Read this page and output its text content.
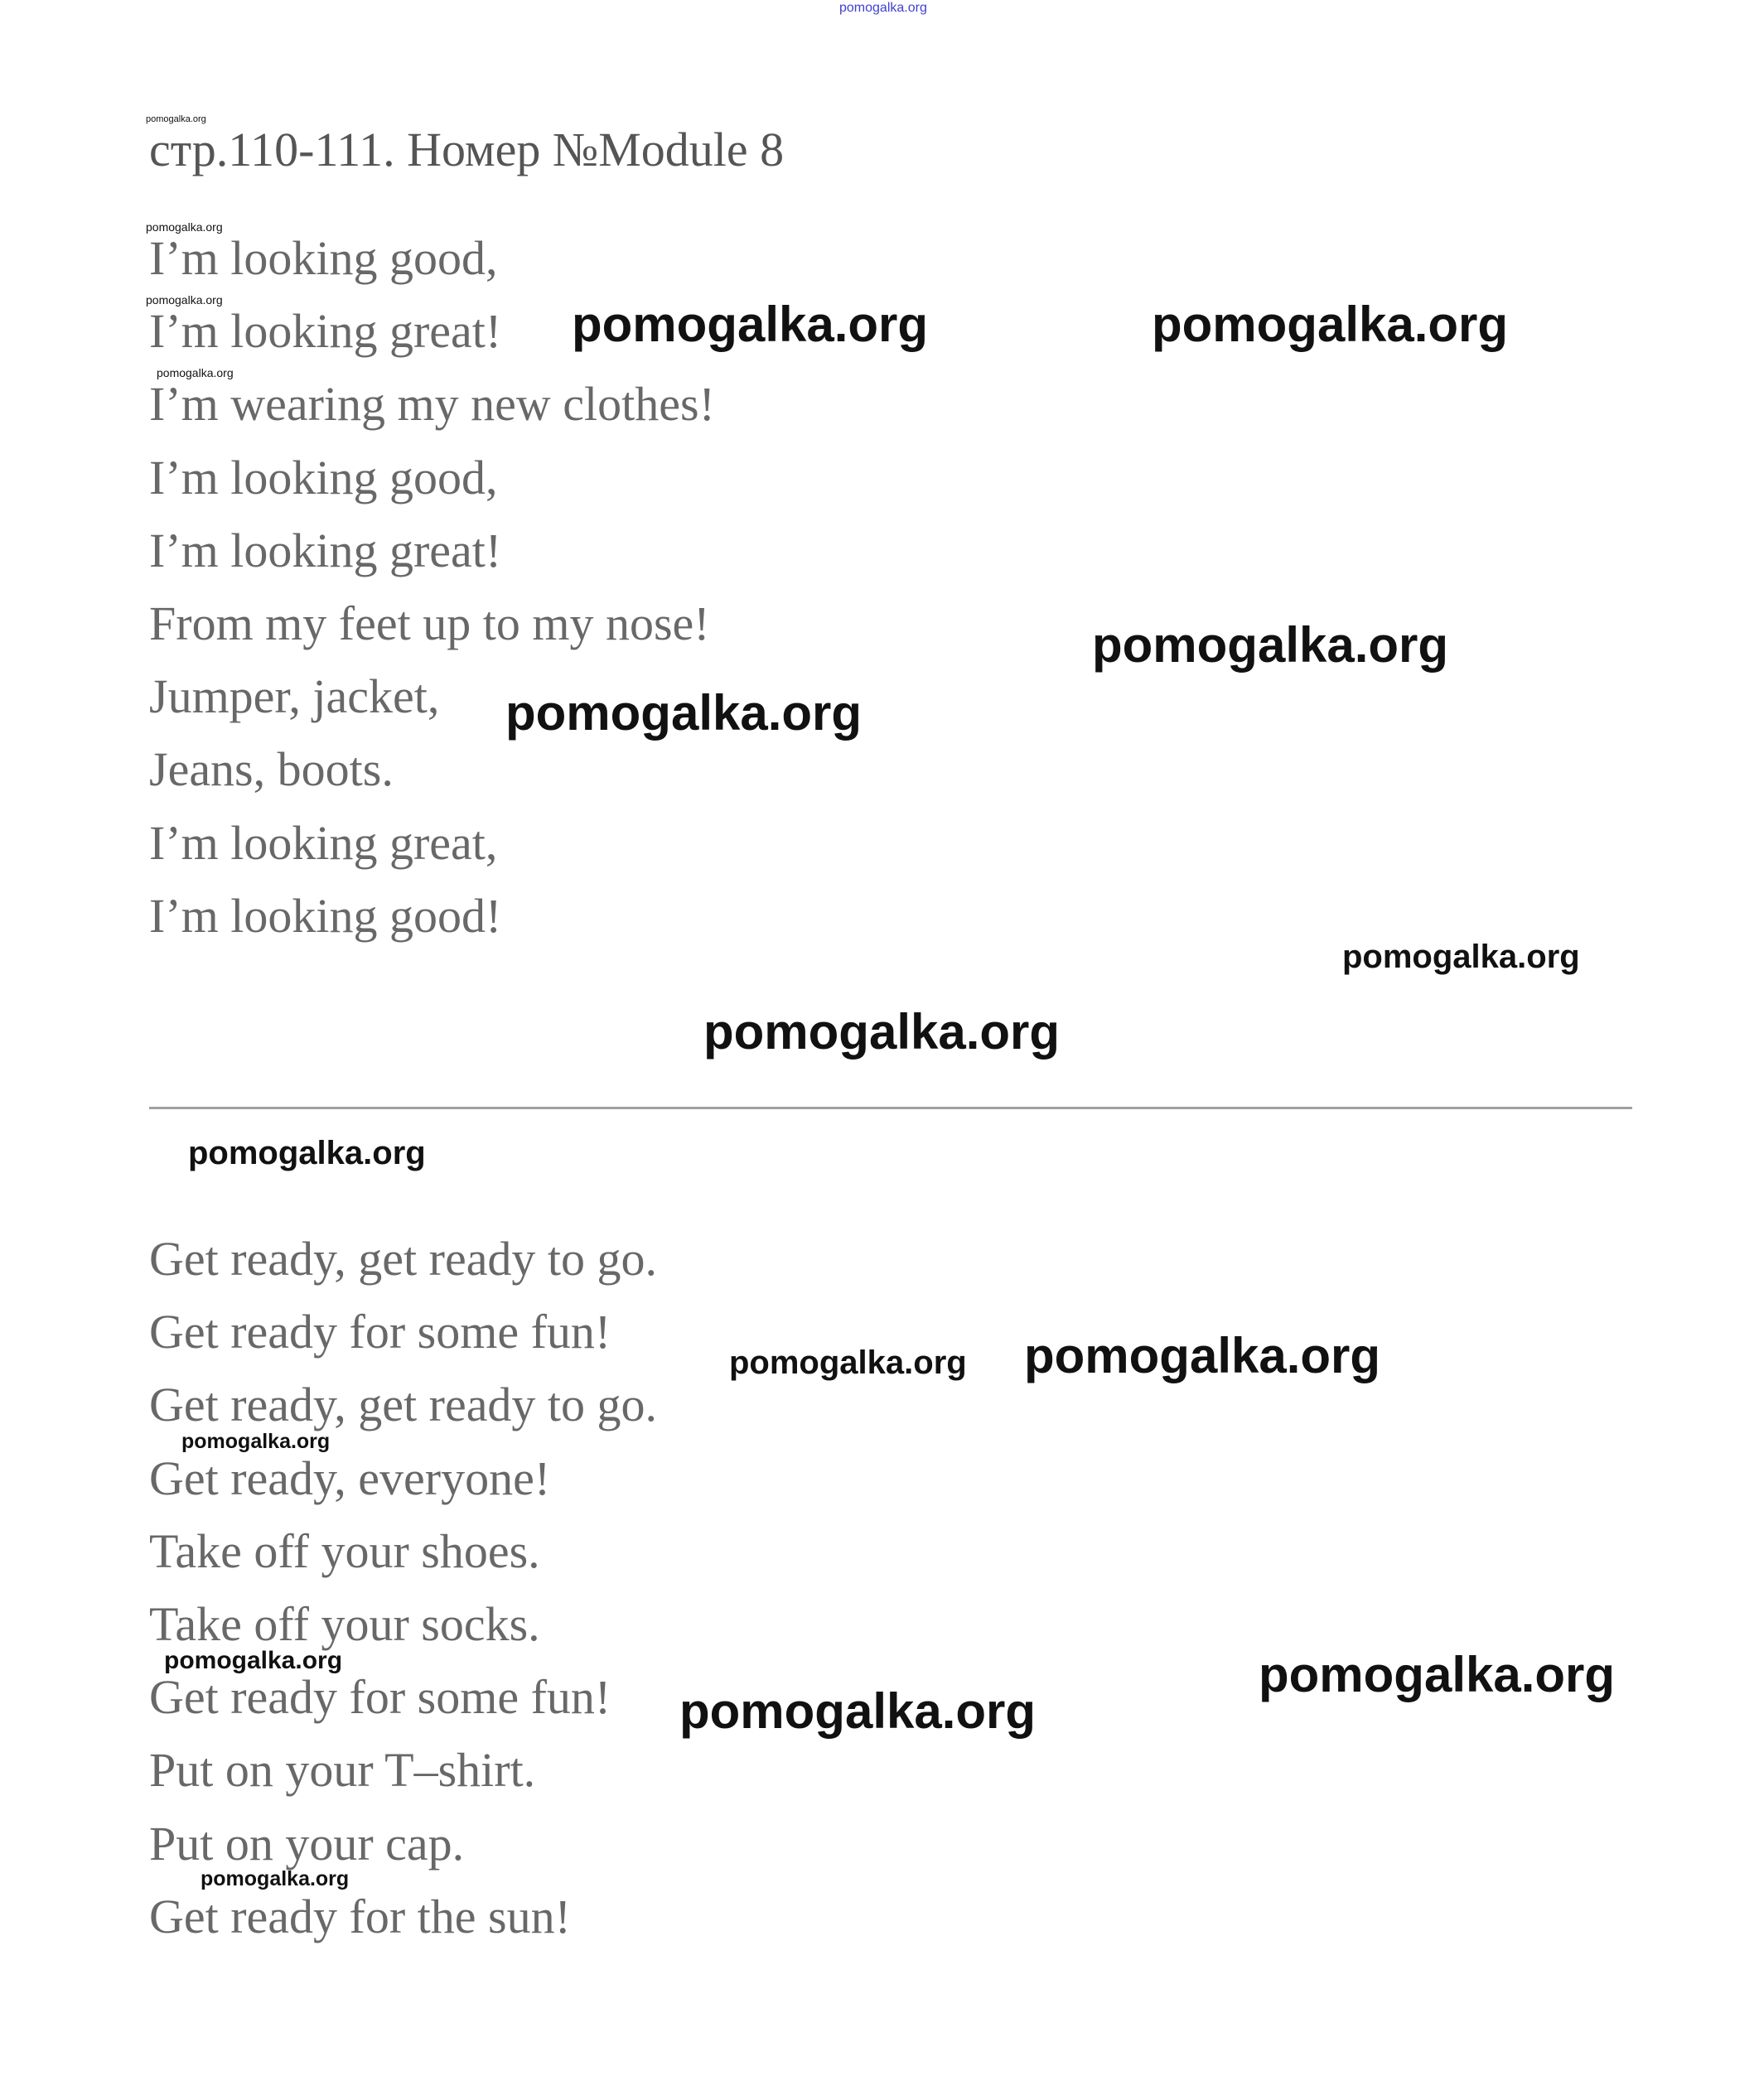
pomogalka.org
стр.110-111. Номер №Module 8
I’m looking good,
I’m looking great!
I’m wearing my new clothes!
I’m looking good,
I’m looking great!
From my feet up to my nose!
Jumper, jacket,
Jeans, boots.
I’m looking great,
I’m looking good!
Get ready, get ready to go.
Get ready for some fun!
Get ready, get ready to go.
Get ready, everyone!
Take off your shoes.
Take off your socks.
Get ready for some fun!
Put on your T–shirt.
Put on your cap.
Get ready for the sun!
pomogalka.org	pomogalka.org
pomogalka.org
pomogalka.org
pomogalka.org
pomogalka.org
pomogalka.org
pomogalka.org
pomogalka.org
pomogalka.org
pomogalka.org
pomogalka.org
pomogalka.org
pomogalka.org
pomogalka.org
pomogalka.org
pomogalka.org
pomogalka.org
